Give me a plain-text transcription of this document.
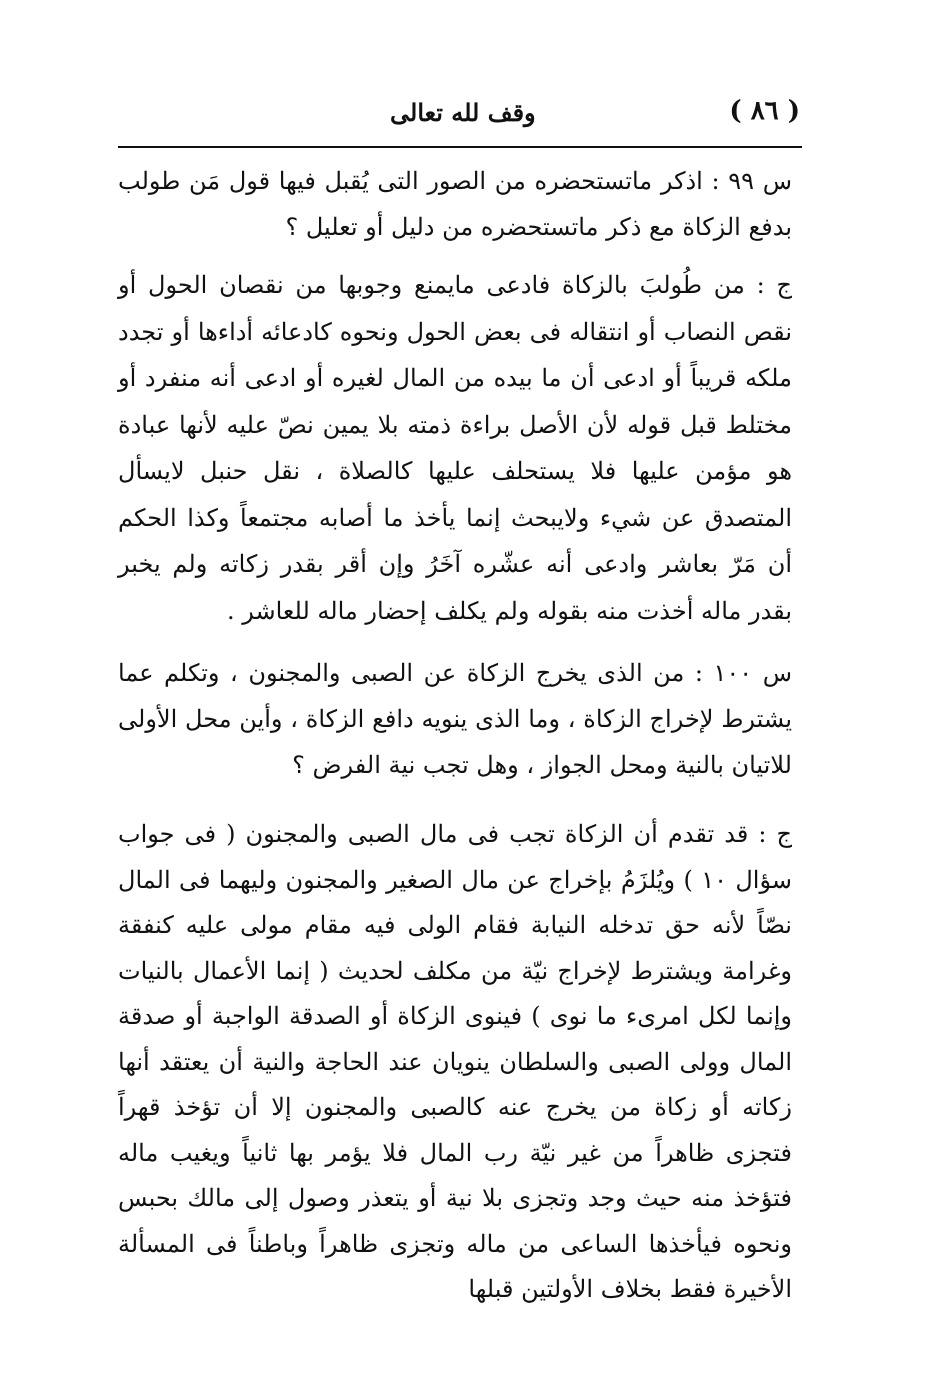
( ٨٦ )
وقف لله تعالى

س ٩٩ : اذكر ماتستحضره من الصور التى يُقبل فيها قول مَن طولب بدفع الزكاة مع ذكر ماتستحضره من دليل أو تعليل ؟

ج : من طُولبَ بالزكاة فادعى مايمنع وجوبها من نقصان الحول أو نقص النصاب أو انتقاله فى بعض الحول ونحوه كادعائه أداءها أو تجدد ملكه قريباً أو ادعى أن ما بيده من المال لغيره أو ادعى أنه منفرد أو مختلط قبل قوله لأن الأصل براءة ذمته بلا يمين نصّ عليه لأنها عبادة هو مؤمن عليها فلا يستحلف عليها كالصلاة ، نقل حنبل لايسأل المتصدق عن شيء ولايبحث إنما يأخذ ما أصابه مجتمعاً وكذا الحكم أن مَرّ بعاشر وادعى أنه عشّره آخَرُ وإن أقر بقدر زكاته ولم يخبر بقدر ماله أخذت منه بقوله ولم يكلف إحضار ماله للعاشر .

س ١٠٠ : من الذى يخرج الزكاة عن الصبى والمجنون ، وتكلم عما يشترط لإخراج الزكاة ، وما الذى ينويه دافع الزكاة ، وأين محل الأولى للاتيان بالنية ومحل الجواز ، وهل تجب نية الفرض ؟

ج : قد تقدم أن الزكاة تجب فى مال الصبى والمجنون ( فى جواب سؤال ١٠ ) ويُلزَمُ بإخراج عن مال الصغير والمجنون وليهما فى المال نصّاً لأنه حق تدخله النيابة فقام الولى فيه مقام مولى عليه كنفقة وغرامة ويشترط لإخراج نيّة من مكلف لحديث ( إنما الأعمال بالنيات وإنما لكل امرىء ما نوى ) فينوى الزكاة أو الصدقة الواجبة أو صدقة المال وولى الصبى والسلطان ينويان عند الحاجة والنية أن يعتقد أنها زكاته أو زكاة من يخرج عنه كالصبى والمجنون إلا أن تؤخذ قهراً فتجزى ظاهراً من غير نيّة رب المال فلا يؤمر بها ثانياً ويغيب ماله فتؤخذ منه حيث وجد وتجزى بلا نية أو يتعذر وصول إلى مالك بحبس ونحوه فيأخذها الساعى من ماله وتجزى ظاهراً وباطناً فى المسألة الأخيرة فقط بخلاف الأولتين قبلها
